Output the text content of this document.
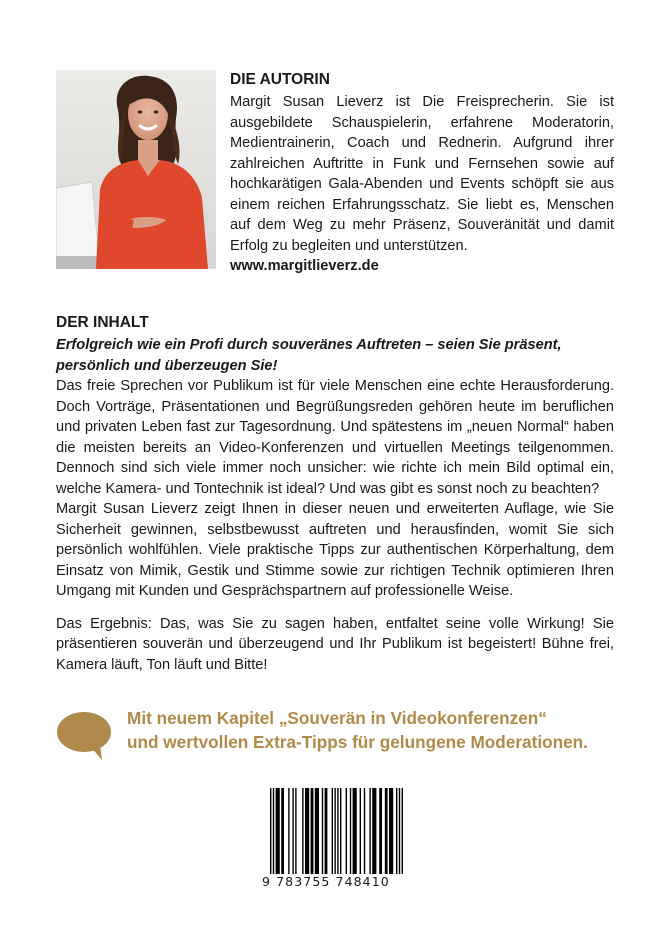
DIE AUTORIN

Margit Susan Lieverz ist Die Freisprecherin. Sie ist ausgebildete Schauspielerin, erfahrene Moderatorin, Medientrainerin, Coach und Rednerin. Aufgrund ihrer zahlreichen Auftritte in Funk und Fernsehen sowie auf hochkarätigen Gala-Abenden und Events schöpft sie aus einem reichen Erfahrungsschatz. Sie liebt es, Menschen auf dem Weg zu mehr Präsenz, Souveränität und damit Erfolg zu begleiten und unterstützen.

www.margitlieverz.de

DER INHALT

Erfolgreich wie ein Profi durch souveränes Auftreten – seien Sie präsent, persönlich und überzeugen Sie!

Das freie Sprechen vor Publikum ist für viele Menschen eine echte Herausforderung. Doch Vorträge, Präsentationen und Begrüßungsreden gehören heute im beruflichen und privaten Leben fast zur Tagesordnung. Und spätestens im „neuen Normal“ haben die meisten bereits an Video-Konferenzen und virtuellen Meetings teilgenommen. Dennoch sind sich viele immer noch unsicher: wie richte ich mein Bild optimal ein, welche Kamera- und Tontechnik ist ideal? Und was gibt es sonst noch zu beachten?

Margit Susan Lieverz zeigt Ihnen in dieser neuen und erweiterten Auflage, wie Sie Sicherheit gewinnen, selbstbewusst auftreten und herausfinden, womit Sie sich persönlich wohlfühlen. Viele praktische Tipps zur authentischen Körperhaltung, dem Einsatz von Mimik, Gestik und Stimme sowie zur richtigen Technik optimieren Ihren Umgang mit Kunden und Gesprächspartnern auf professionelle Weise.

Das Ergebnis: Das, was Sie zu sagen haben, entfaltet seine volle Wirkung! Sie präsentieren souverän und überzeugend und Ihr Publikum ist begeistert! Bühne frei, Kamera läuft, Ton läuft und Bitte!

Mit neuem Kapitel „Souverän in Videokonferenzen“
und wertvollen Extra-Tipps für gelungene Moderationen.

9 783755 748410
